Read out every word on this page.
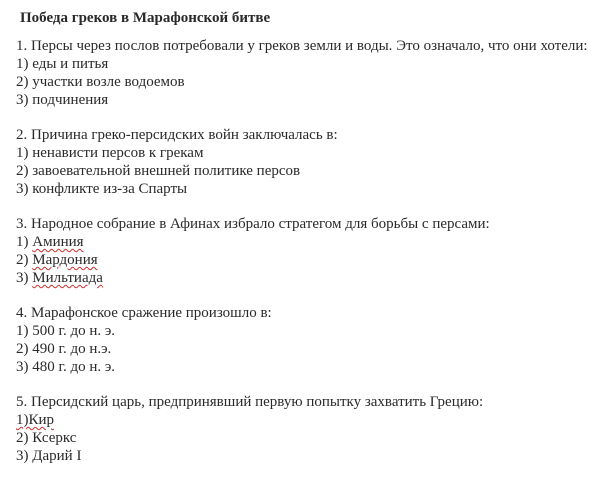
Победа греков в Марафонской битве
1. Персы через послов потребовали у греков земли и воды. Это означало, что они хотели:
1) еды и питья
2) участки возле водоемов
3) подчинения
2. Причина греко-персидских войн заключалась в:
1) ненависти персов к грекам
2) завоевательной внешней политике персов
3) конфликте из-за Спарты
3. Народное собрание в Афинах избрало стратегом для борьбы с персами:
1) Аминия
2) Мардония
3) Мильтиада
4. Марафонское сражение произошло в:
1) 500 г. до н. э.
2) 490 г. до н.э.
3) 480 г. до н. э.
5. Персидский царь, предпринявший первую попытку захватить Грецию:
1)Кир
2) Ксеркс
3) Дарий I
